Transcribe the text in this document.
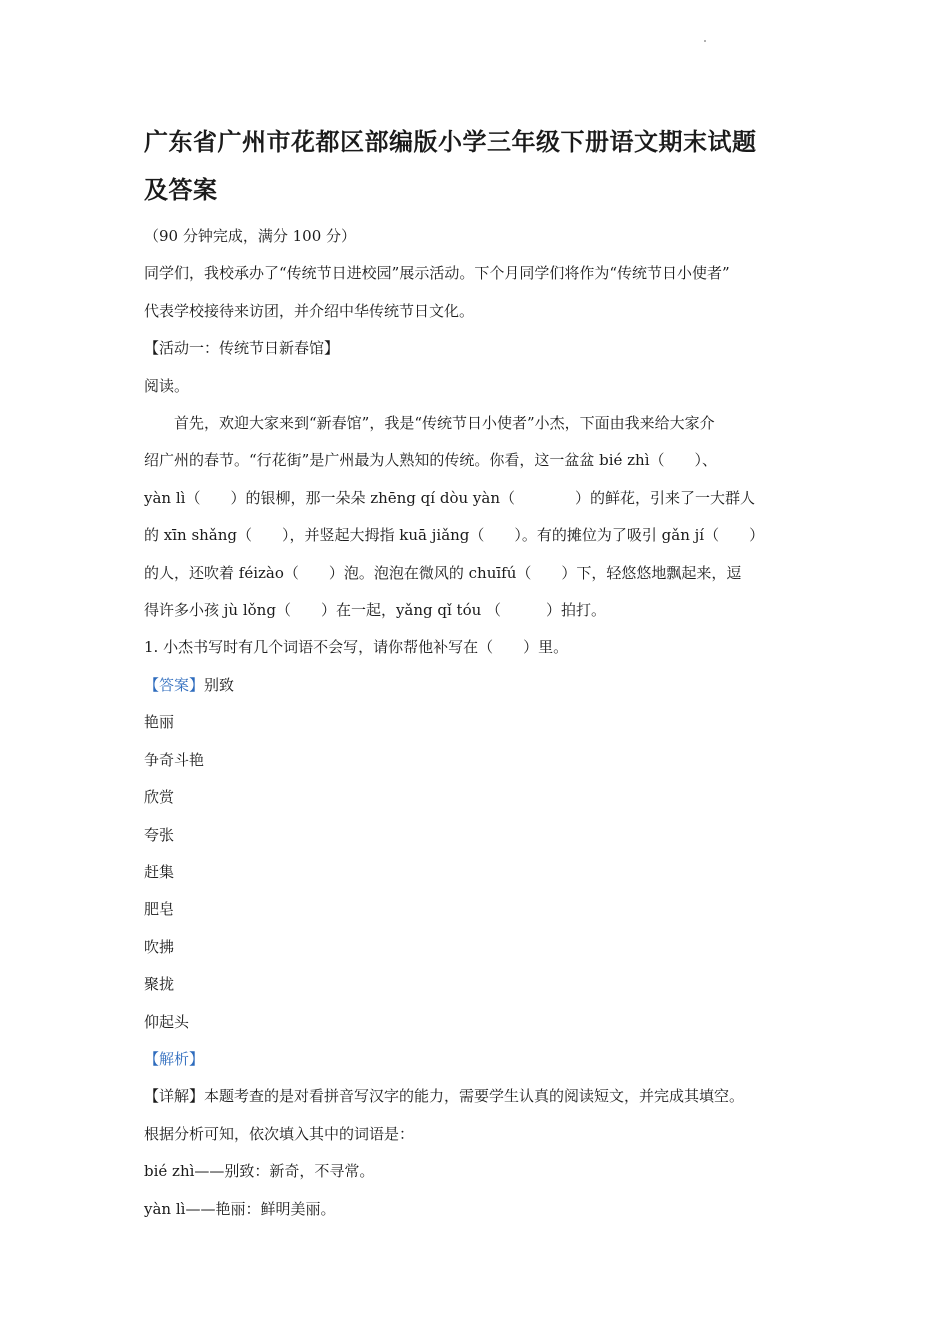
广东省广州市花都区部编版小学三年级下册语文期末试题
及答案

（90 分钟完成，满分 100 分）

同学们，我校承办了“传统节日进校园”展示活动。下个月同学们将作为“传统节日小使者”

代表学校接待来访团，并介绍中华传统节日文化。

【活动一：传统节日新春馆】

阅读。

首先，欢迎大家来到“新春馆”，我是“传统节日小使者”小杰，下面由我来给大家介

绍广州的春节。“行花街”是广州最为人熟知的传统。你看，这一盆盆 bié zhì（　　）、

yàn lì（　　）的银柳，那一朵朵 zhēng qí dòu yàn（　　　　）的鲜花，引来了一大群人

的 xīn shǎng（　　），并竖起大拇指 kuā jiǎng（　　）。有的摊位为了吸引 gǎn jí（　　）

的人，还吹着 féizào（　　）泡。泡泡在微风的 chuīfú（　　）下，轻悠悠地飘起来，逗

得许多小孩 jù lǒng（　　）在一起，yǎng qǐ tóu （　　　）拍打。

1. 小杰书写时有几个词语不会写，请你帮他补写在（　　）里。

【答案】别致

艳丽

争奇斗艳

欣赏

夸张

赶集

肥皂

吹拂

聚拢

仰起头

【解析】

【详解】本题考查的是对看拼音写汉字的能力，需要学生认真的阅读短文，并完成其填空。

根据分析可知，依次填入其中的词语是：

bié zhì——别致：新奇，不寻常。

yàn lì——艳丽：鲜明美丽。
